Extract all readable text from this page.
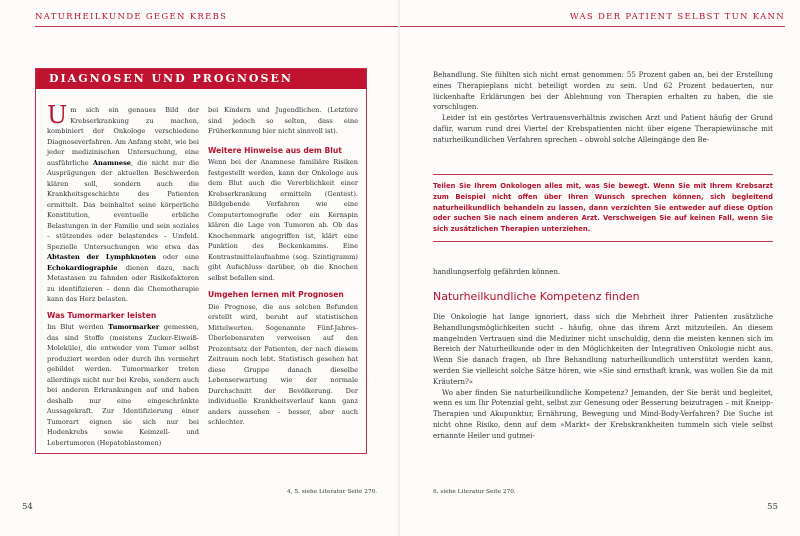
NATURHEILKUNDE GEGEN KREBS
DIAGNOSEN UND PROGNOSEN

Um sich ein genaues Bild der Krebserkrankung zu machen, kombiniert der Onkologe verschiedene Diagnoseverfahren. Am Anfang steht, wie bei jeder medizinischen Untersuchung, eine ausführliche Anamnese, die nicht nur die Ausprägungen der aktuellen Beschwerden klären soll, sondern auch die Krankheitsgeschichte des Patienten ermittelt. Das beinhaltet seine körperliche Konstitution, eventuelle erbliche Belastungen in der Familie und sein soziales – stützendes oder belastendes – Umfeld. Spezielle Untersuchungen wie etwa das Abtasten der Lymphknoten oder eine Echokardiographie dienen dazu, nach Metastasen zu fahnden oder Risikofaktoren zu identifizieren – denn die Chemotherapie kann das Herz belasten.

Was Tumormarker leisten

Im Blut werden Tumormarker gemessen, das sind Stoffe (meistens Zucker-Eiweiß-Moleküle), die entweder vom Tumor selbst produziert werden oder durch ihn vermehrt gebildet werden. Tumormarker treten allerdings nicht nur bei Krebs, sondern auch bei anderen Erkrankungen auf und haben deshalb nur eine eingeschränkte Aussagekraft. Zur Identifizierung einer Tumorart eignen sie sich nur bei Hodenkrebs sowie Keimzell- und Lebertumoren (Hepatoblastomen)

bei Kindern und Jugendlichen. (Letztere sind jedoch so selten, dass eine Früherkennung hier nicht sinnvoll ist).

Weitere Hinweise aus dem Blut

Wenn bei der Anamnese familiäre Risiken festgestellt werden, kann der Onkologe aus dem Blut auch die Vererblichkeit einer Krebserkrankung ermitteln (Gentest). Bildgebende Verfahren wie eine Computertomografie oder ein Kernspin klären die Lage von Tumoren ab. Ob das Knochenmark angegriffen ist, klärt eine Punktion des Beckenkamms. Eine Kontrastmittelaufnahme (sog. Szintigramm) gibt Aufschluss darüber, ob die Knochen selbst befallen sind.

Umgehen lernen mit Prognosen

Die Prognose, die aus solchen Befunden erstellt wird, beruht auf statistischen Mittelwerten. Sogenannte Fünf-Jahres-Überlebensraten verweisen auf den Prozentsatz der Patienten, der nach diesem Zeitraum noch lebt. Statistisch gesehen hat diese Gruppe danach dieselbe Lebenserwartung wie der normale Durchschnitt der Bevölkerung. Der individuelle Krankheitsverlauf kann ganz anders aussehen – besser, aber auch schlechter.

4, 5. siehe Literatur Seite 270.
54
WAS DER PATIENT SELBST TUN KANN

Behandlung. Sie fühlten sich nicht ernst genommen: 55 Prozent gaben an, bei der Erstellung eines Therapieplans nicht beteiligt worden zu sein. Und 62 Prozent bedauerten, nur lückenhafte Erklärungen bei der Ablehnung von Therapien erhalten zu haben, die sie vorschlugen.

Leider ist ein gestörtes Vertrauensverhältnis zwischen Arzt und Patient häufig der Grund dafür, warum rund drei Viertel der Krebspatienten nicht über eigene Therapiewünsche mit naturheilkundlichen Verfahren sprechen – obwohl solche Alleingänge den Be-

Teilen Sie Ihrem Onkologen alles mit, was Sie bewegt. Wenn Sie mit Ihrem Krebsarzt zum Beispiel nicht offen über Ihren Wunsch sprechen können, sich begleitend naturheilkundlich behandeln zu lassen, dann verzichten Sie entweder auf diese Option oder suchen Sie nach einem anderen Arzt. Verschweigen Sie auf keinen Fall, wenn Sie sich zusätzlichen Therapien unterziehen.
handlungserfolg gefährden können.
Naturheilkundliche Kompetenz finden

Die Onkologie hat lange ignoriert, dass sich die Mehrheit ihrer Patienten zusätzliche Behandlungsmöglichkeiten sucht – häufig, ohne das ihrem Arzt mitzuteilen. An diesem mangelnden Vertrauen sind die Mediziner nicht unschuldig, denn die meisten kennen sich im Bereich der Naturheilkunde oder in den Möglichkeiten der Integrativen Onkologie nicht aus. Wenn Sie danach fragen, ob Ihre Behandlung naturheilkundlich unterstützt werden kann, werden Sie vielleicht solche Sätze hören, wie »Sie sind ernsthaft krank, was wollen Sie da mit Kräutern?«

Wo aber finden Sie naturheilkundliche Kompetenz? Jemanden, der Sie berät und begleitet, wenn es um Ihr Potenzial geht, selbst zur Genesung oder Besserung beizutragen – mit Kneipp-Therapien und Akupunktur, Ernährung, Bewegung und Mind-Body-Verfahren? Die Suche ist nicht ohne Risiko, denn auf dem »Markt« der Krebskrankheiten tummeln sich viele selbst ernannte Heiler und gutmei-

6. siehe Literatur Seite 270.
55
